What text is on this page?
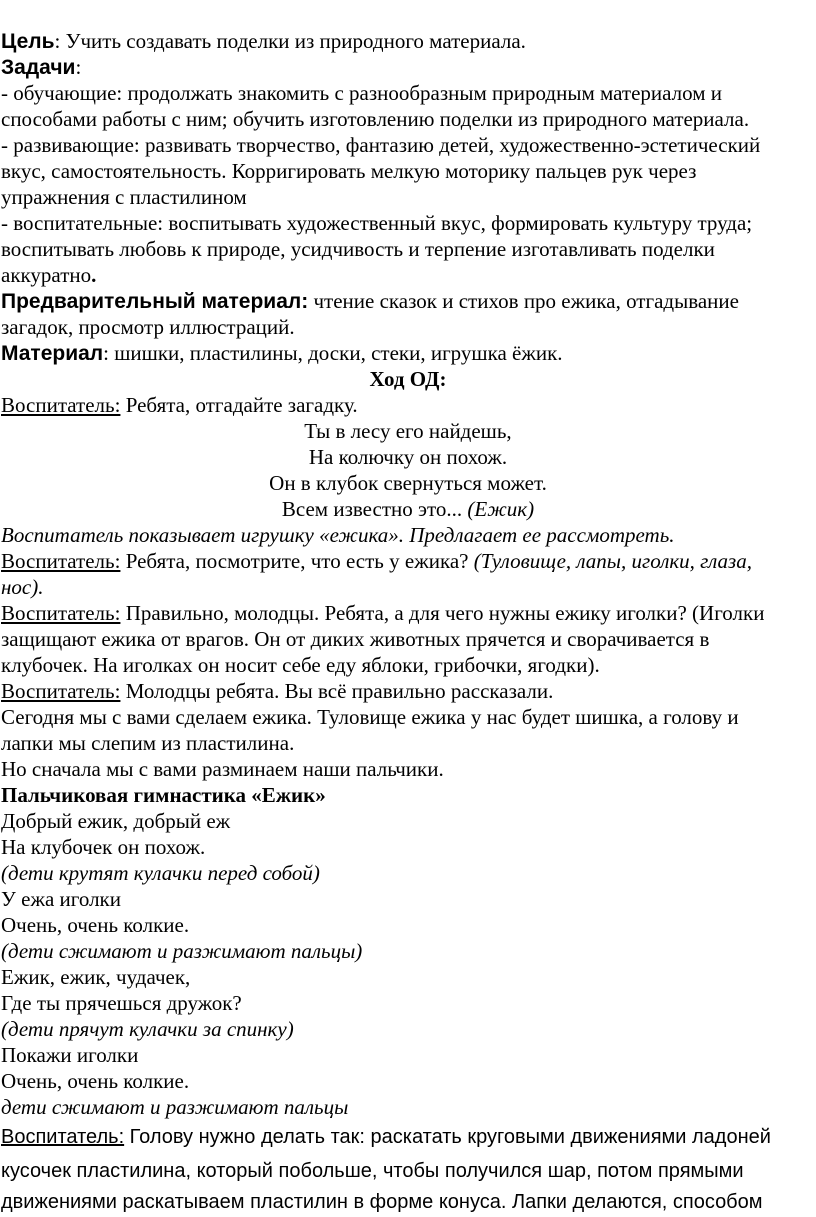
Цель: Учить создавать поделки из природного материала.

Задачи:

- обучающие: продолжать знакомить с разнообразным природным материалом и

способами работы с ним; обучить изготовлению поделки из природного материала.

- развивающие: развивать творчество, фантазию детей, художественно-эстетический

вкус, самостоятельность. Корригировать мелкую моторику пальцев рук через

упражнения с пластилином

- воспитательные: воспитывать художественный вкус, формировать культуру труда;

воспитывать любовь к природе, усидчивость и терпение изготавливать поделки

аккуратно.

Предварительный материал: чтение сказок и стихов про ежика, отгадывание

загадок, просмотр иллюстраций.

Материал: шишки, пластилины, доски, стеки, игрушка ёжик.

Ход ОД:

Воспитатель: Ребята, отгадайте загадку.

Ты в лесу его найдешь,

На колючку он похож.

Он в клубок свернуться может.

Всем известно это... (Ежик)

Воспитатель показывает игрушку «ежика». Предлагает ее рассмотреть.

Воспитатель: Ребята, посмотрите, что есть у ежика? (Туловище, лапы, иголки, глаза,

нос).

Воспитатель: Правильно, молодцы. Ребята, а для чего нужны ежику иголки? (Иголки

защищают ежика от врагов. Он от диких животных прячется и сворачивается в

клубочек. На иголках он носит себе еду яблоки, грибочки, ягодки).

Воспитатель: Молодцы ребята. Вы всё правильно рассказали.

Сегодня мы с вами сделаем ежика. Туловище ежика у нас будет шишка, а голову и

лапки мы слепим из пластилина.

Но сначала мы с вами разминаем наши пальчики.

Пальчиковая гимнастика «Ежик»

Добрый ежик, добрый еж

На клубочек он похож.

(дети крутят кулачки перед собой)

У ежа иголки

Очень, очень колкие.

(дети сжимают и разжимают пальцы)

Ежик, ежик, чудачек,

Где ты прячешься дружок?

(дети прячут кулачки за спинку)

Покажи иголки

Очень, очень колкие.

дети сжимают и разжимают пальцы

Воспитатель: Голову нужно делать так: раскатать круговыми движениями ладоней

кусочек пластилина, который побольше, чтобы получился шар, потом прямыми

движениями раскатываем пластилин в форме конуса. Лапки делаются, способом
